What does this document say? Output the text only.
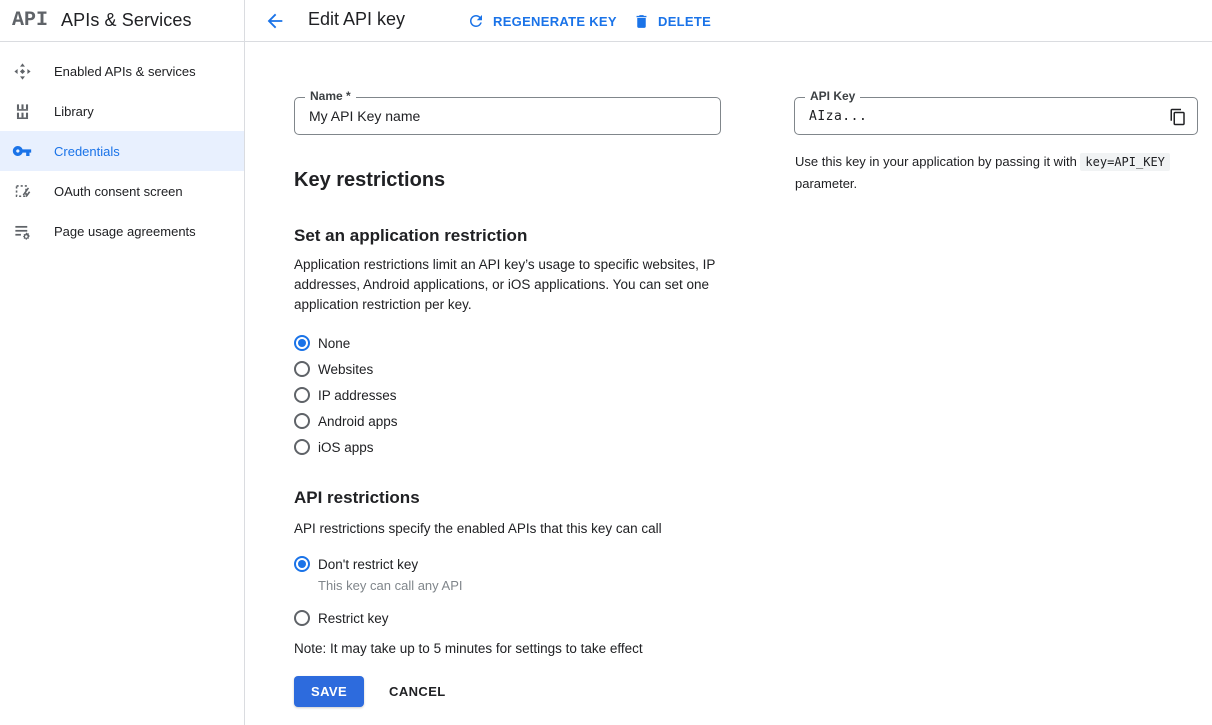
API APIs & Services
Enabled APIs & services
Library
Credentials
OAuth consent screen
Page usage agreements
Edit API key	REGENERATE KEY	DELETE
Name *
My API Key name
Key restrictions
Set an application restriction
Application restrictions limit an API key’s usage to specific websites, IP addresses, Android applications, or iOS applications. You can set one application restriction per key.
None
Websites
IP addresses
Android apps
iOS apps
API restrictions
API restrictions specify the enabled APIs that this key can call
Don't restrict key
This key can call any API
Restrict key
Note: It may take up to 5 minutes for settings to take effect
SAVE	CANCEL
API Key
AIza...
Use this key in your application by passing it with key=API_KEY parameter.
